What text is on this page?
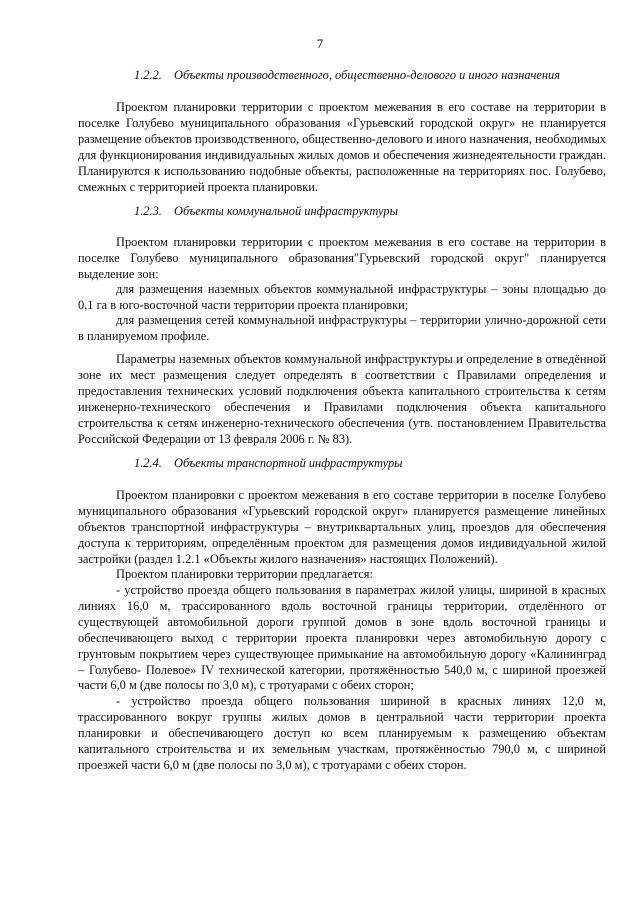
7
1.2.2. Объекты производственного, общественно-делового и иного назначения

Проектом планировки территории с проектом межевания в его составе на территории в поселке Голубево муниципального образования «Гурьевский городской округ» не планируется размещение объектов производственного, общественно-делового и иного назначения, необходимых для функционирования индивидуальных жилых домов и обеспечения жизнедеятельности граждан. Планируются к использованию подобные объекты, расположенные на территориях пос. Голубево, смежных с территорией проекта планировки.

1.2.3. Объекты коммунальной инфраструктуры

Проектом планировки территории с проектом межевания в его составе на территории в поселке Голубево муниципального образования"Гурьевский городской округ" планируется выделение зон:

для размещения наземных объектов коммунальной инфраструктуры – зоны площадью до 0,1 га в юго-восточной части территории проекта планировки;

для размещения сетей коммунальной инфраструктуры – территории улично-дорожной сети в планируемом профиле.

Параметры наземных объектов коммунальной инфраструктуры и определение в отведённой зоне их мест размещения следует определять в соответствии с Правилами определения и предоставления технических условий подключения объекта капитального строительства к сетям инженерно-технического обеспечения и Правилами подключения объекта капитального строительства к сетям инженерно-технического обеспечения (утв. постановлением Правительства Российской Федерации от 13 февраля 2006 г. № 83).

1.2.4. Объекты транспортной инфраструктуры

Проектом планировки с проектом межевания в его составе территории в поселке Голубево муниципального образования «Гурьевский городской округ» планируется размещение линейных объектов транспортной инфраструктуры – внутриквартальных улиц, проездов для обеспечения доступа к территориям, определённым проектом для размещения домов индивидуальной жилой застройки (раздел 1.2.1 «Объекты жилого назначения» настоящих Положений).

Проектом планировки территории предлагается:

- устройство проезда общего пользования в параметрах жилой улицы, шириной в красных линиях 16,0 м, трассированного вдоль восточной границы территории, отделённого от существующей автомобильной дороги группой домов в зоне вдоль восточной границы и обеспечивающего выход с территории проекта планировки через автомобильную дорогу с грунтовым покрытием через существующее примыкание на автомобильную дорогу «Калининград – Голубево- Полевое» IV технической категории, протяжённостью 540,0 м, с шириной проезжей части 6,0 м (две полосы по 3,0 м), с тротуарами с обеих сторон;

- устройство проезда общего пользования шириной в красных линиях 12,0 м, трассированного вокруг группы жилых домов в центральной части территории проекта планировки и обеспечивающего доступ ко всем планируемым к размещению объектам капитального строительства и их земельным участкам, протяжённостью 790,0 м, с шириной проезжей части 6,0 м (две полосы по 3,0 м), с тротуарами с обеих сторон.
